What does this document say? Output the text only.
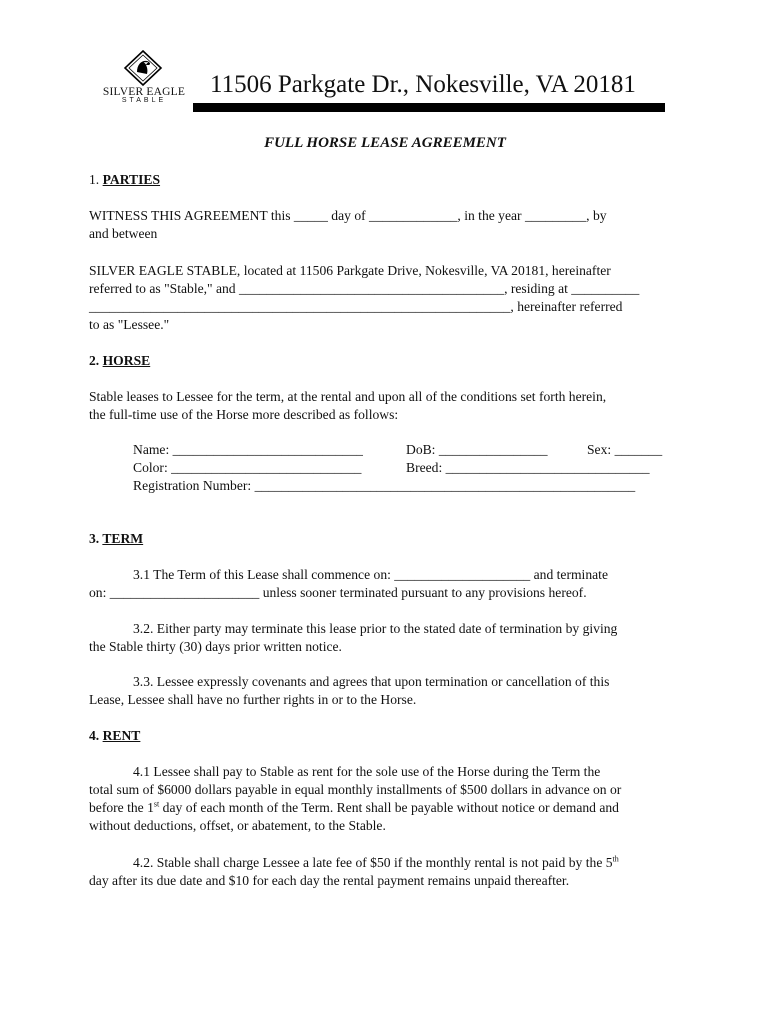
SILVER EAGLE
STABLE
11506 Parkgate Dr., Nokesville, VA 20181
FULL HORSE LEASE AGREEMENT
1. PARTIES
WITNESS THIS AGREEMENT this _____ day of _____________, in the year _________, by
and between
SILVER EAGLE STABLE, located at 11506 Parkgate Drive, Nokesville, VA 20181, hereinafter
referred to as "Stable," and _______________________________________, residing at __________
______________________________________________________________, hereinafter referred
to as "Lessee."
2. HORSE
Stable leases to Lessee for the term, at the rental and upon all of the conditions set forth herein,
the full-time use of the Horse more described as follows:
Name: ____________________________	DoB: ________________	Sex: _______
Color: ____________________________	Breed: ______________________________
Registration Number: ________________________________________________________
3. TERM
3.1 The Term of this Lease shall commence on: ____________________ and terminate
on: ______________________ unless sooner terminated pursuant to any provisions hereof.
3.2. Either party may terminate this lease prior to the stated date of termination by giving
the Stable thirty (30) days prior written notice.
3.3. Lessee expressly covenants and agrees that upon termination or cancellation of this
Lease, Lessee shall have no further rights in or to the Horse.
4. RENT
4.1 Lessee shall pay to Stable as rent for the sole use of the Horse during the Term the
total sum of $6000 dollars payable in equal monthly installments of $500 dollars in advance on or
before the 1st day of each month of the Term. Rent shall be payable without notice or demand and
without deductions, offset, or abatement, to the Stable.
4.2. Stable shall charge Lessee a late fee of $50 if the monthly rental is not paid by the 5th
day after its due date and $10 for each day the rental payment remains unpaid thereafter.
